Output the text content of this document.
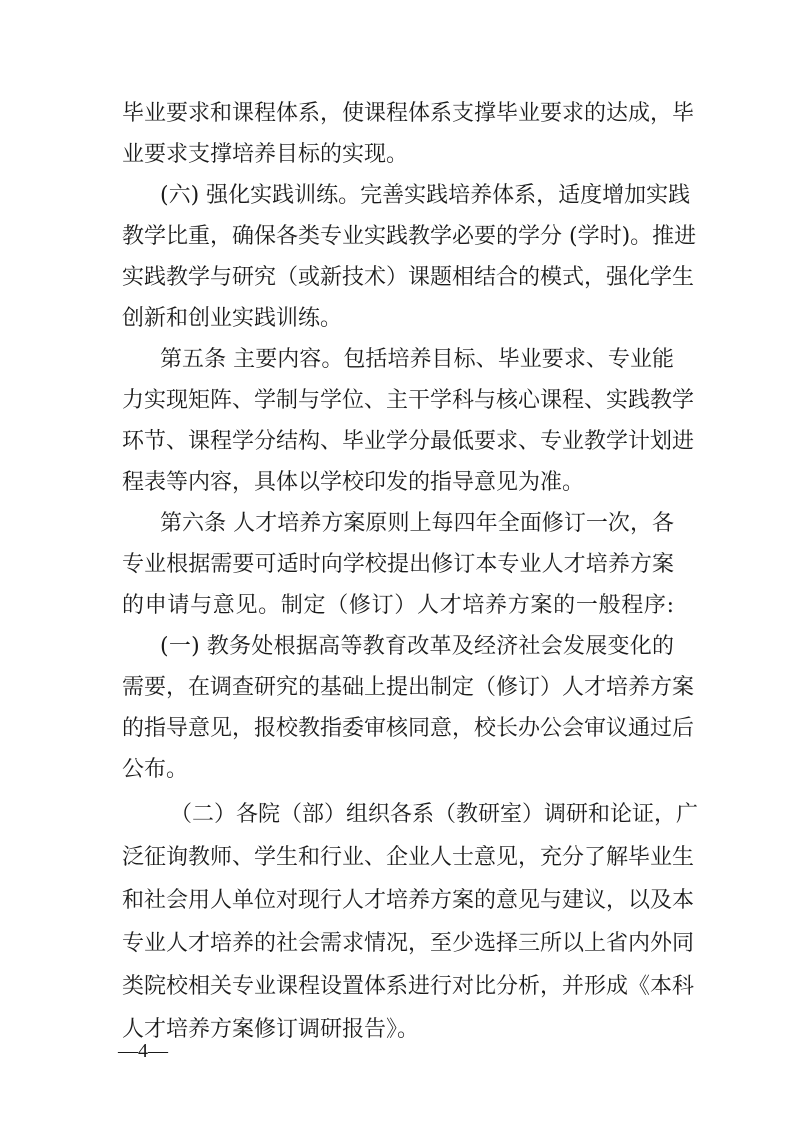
毕业要求和课程体系，使课程体系支撑毕业要求的达成，毕
业要求支撑培养目标的实现。
(六) 强化实践训练。完善实践培养体系，适度增加实践
教学比重，确保各类专业实践教学必要的学分 (学时)。推进
实践教学与研究（或新技术）课题相结合的模式，强化学生
创新和创业实践训练。
第五条 主要内容。包括培养目标、毕业要求、专业能
力实现矩阵、学制与学位、主干学科与核心课程、实践教学
环节、课程学分结构、毕业学分最低要求、专业教学计划进
程表等内容，具体以学校印发的指导意见为准。
第六条 人才培养方案原则上每四年全面修订一次，各
专业根据需要可适时向学校提出修订本专业人才培养方案
的申请与意见。制定（修订）人才培养方案的一般程序:
(一) 教务处根据高等教育改革及经济社会发展变化的
需要，在调查研究的基础上提出制定（修订）人才培养方案
的指导意见，报校教指委审核同意，校长办公会审议通过后
公布。
（二）各院（部）组织各系（教研室）调研和论证，广
泛征询教师、学生和行业、企业人士意见，充分了解毕业生
和社会用人单位对现行人才培养方案的意见与建议，以及本
专业人才培养的社会需求情况，至少选择三所以上省内外同
类院校相关专业课程设置体系进行对比分析，并形成《本科
人才培养方案修订调研报告》。
—4—
